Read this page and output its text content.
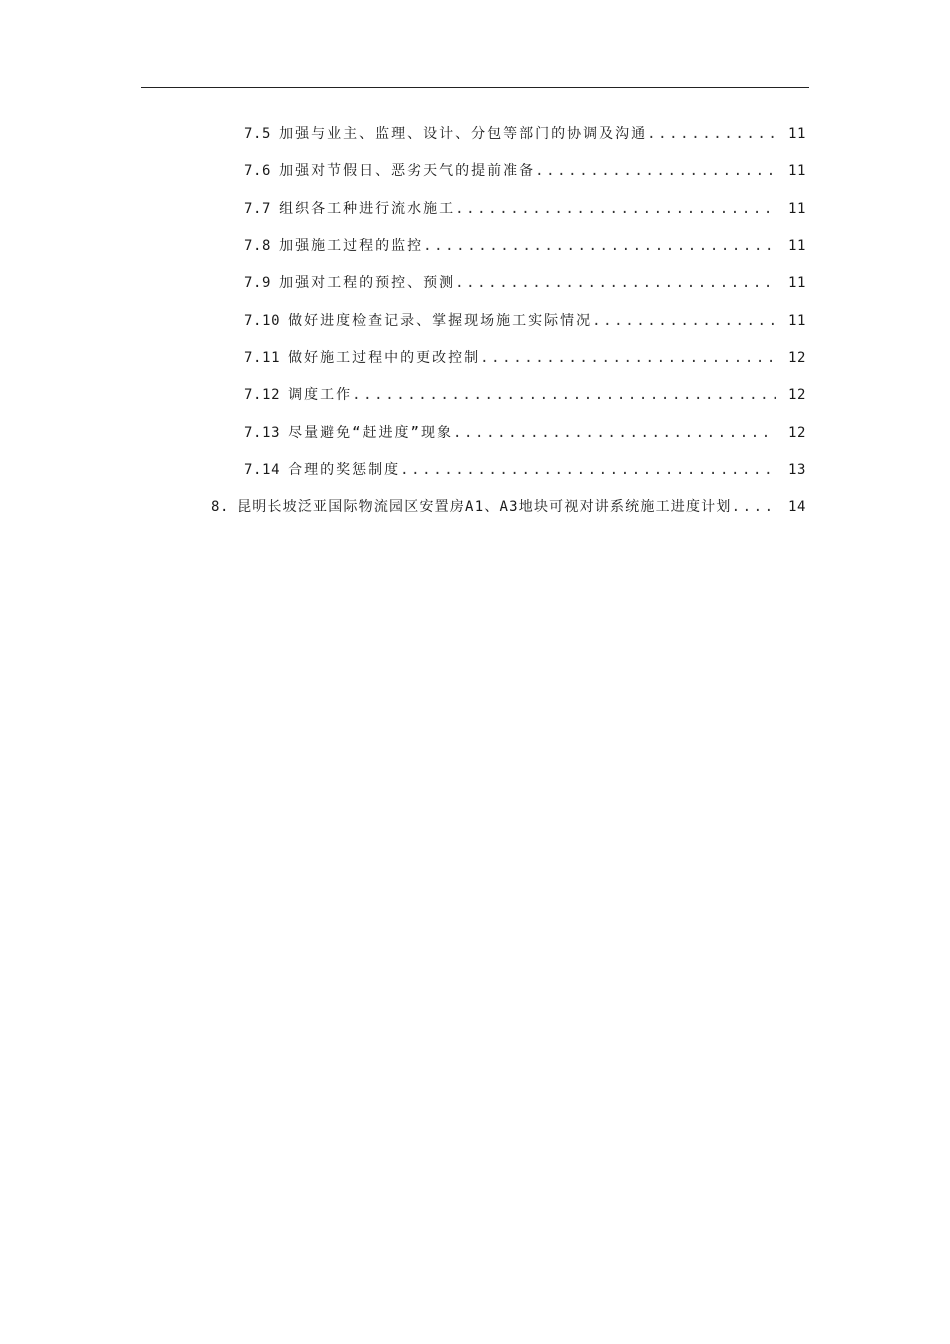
7.5 加强与业主、监理、设计、分包等部门的协调及沟通 .....	11
7.6 加强对节假日、恶劣天气的提前准备 .....	11
7.7 组织各工种进行流水施工 .....	11
7.8 加强施工过程的监控 .....	11
7.9 加强对工程的预控、预测 .....	11
7.10 做好进度检查记录、掌握现场施工实际情况 .....	11
7.11 做好施工过程中的更改控制 .....	12
7.12 调度工作 .....	12
7.13 尽量避免“赶进度”现象 .....	12
7.14 合理的奖惩制度 .....	13
8. 昆明长坡泛亚国际物流园区安置房A1、A3地块可视对讲系统施工进度计划 .....	14
